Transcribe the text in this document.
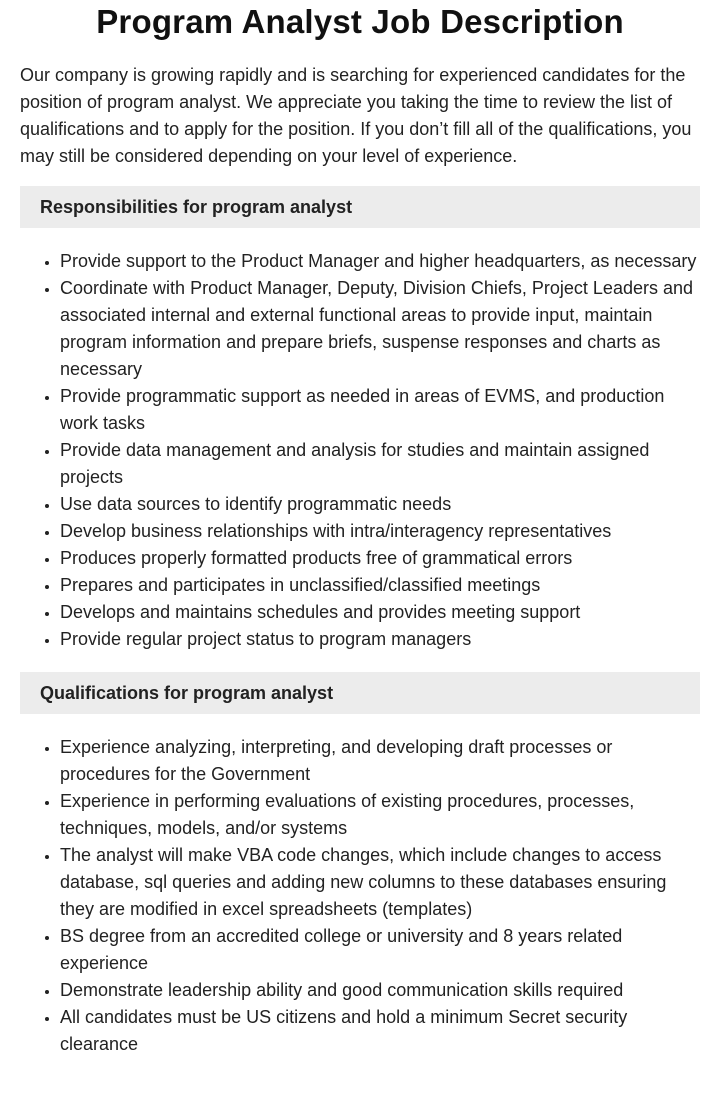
Program Analyst Job Description

Our company is growing rapidly and is searching for experienced candidates for the position of program analyst. We appreciate you taking the time to review the list of qualifications and to apply for the position. If you don’t fill all of the qualifications, you may still be considered depending on your level of experience.

Responsibilities for program analyst
• Provide support to the Product Manager and higher headquarters, as necessary
• Coordinate with Product Manager, Deputy, Division Chiefs, Project Leaders and associated internal and external functional areas to provide input, maintain program information and prepare briefs, suspense responses and charts as necessary
• Provide programmatic support as needed in areas of EVMS, and production work tasks
• Provide data management and analysis for studies and maintain assigned projects
• Use data sources to identify programmatic needs
• Develop business relationships with intra/interagency representatives
• Produces properly formatted products free of grammatical errors
• Prepares and participates in unclassified/classified meetings
• Develops and maintains schedules and provides meeting support
• Provide regular project status to program managers
Qualifications for program analyst
• Experience analyzing, interpreting, and developing draft processes or procedures for the Government
• Experience in performing evaluations of existing procedures, processes, techniques, models, and/or systems
• The analyst will make VBA code changes, which include changes to access database, sql queries and adding new columns to these databases ensuring they are modified in excel spreadsheets (templates)
• BS degree from an accredited college or university and 8 years related experience
• Demonstrate leadership ability and good communication skills required
• All candidates must be US citizens and hold a minimum Secret security clearance
